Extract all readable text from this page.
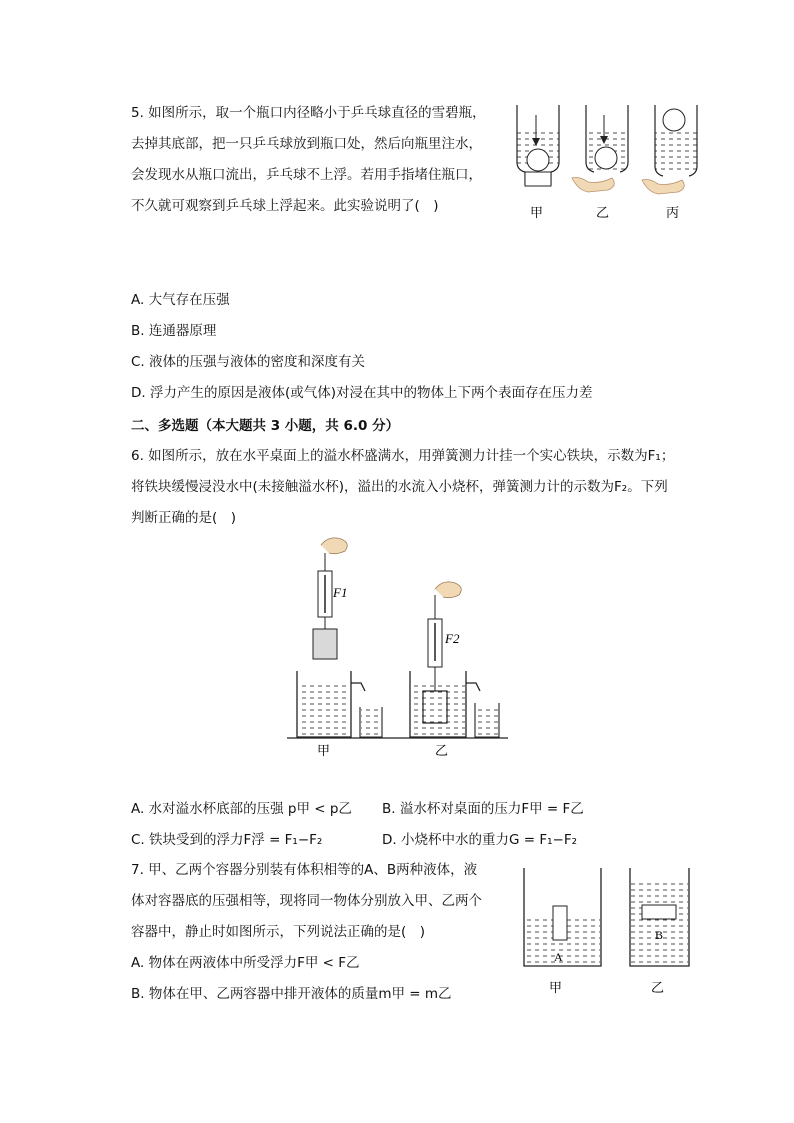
5. 如图所示，取一个瓶口内径略小于乒乓球直径的雪碧瓶，
去掉其底部，把一只乒乓球放到瓶口处，然后向瓶里注水，
会发现水从瓶口流出，乒乓球不上浮。若用手指堵住瓶口，
不久就可观察到乒乓球上浮起来。此实验说明了(　)	甲	乙	丙
A. 大气存在压强
B. 连通器原理
C. 液体的压强与液体的密度和深度有关
D. 浮力产生的原因是液体(或气体)对浸在其中的物体上下两个表面存在压力差
二、多选题（本大题共 3 小题，共 6.0 分）
6. 如图所示，放在水平桌面上的溢水杯盛满水，用弹簧测力计挂一个实心铁块，示数为F₁；
将铁块缓慢浸没水中(未接触溢水杯)，溢出的水流入小烧杯，弹簧测力计的示数为F₂。下列
判断正确的是(　)
F1
F2
甲	乙
A. 水对溢水杯底部的压强 p甲 < p乙 B. 溢水杯对桌面的压力F甲 = F乙
C. 铁块受到的浮力F浮 = F₁−F₂	D. 小烧杯中水的重力G = F₁−F₂
7. 甲、乙两个容器分别装有体积相等的A、B两种液体，液
体对容器底的压强相等，现将同一物体分别放入甲、乙两个
容器中，静止时如图所示，下列说法正确的是(　)
A. 物体在两液体中所受浮力F甲 < F乙
B. 物体在甲、乙两容器中排开液体的质量m甲 = m乙
A
B
甲	乙
